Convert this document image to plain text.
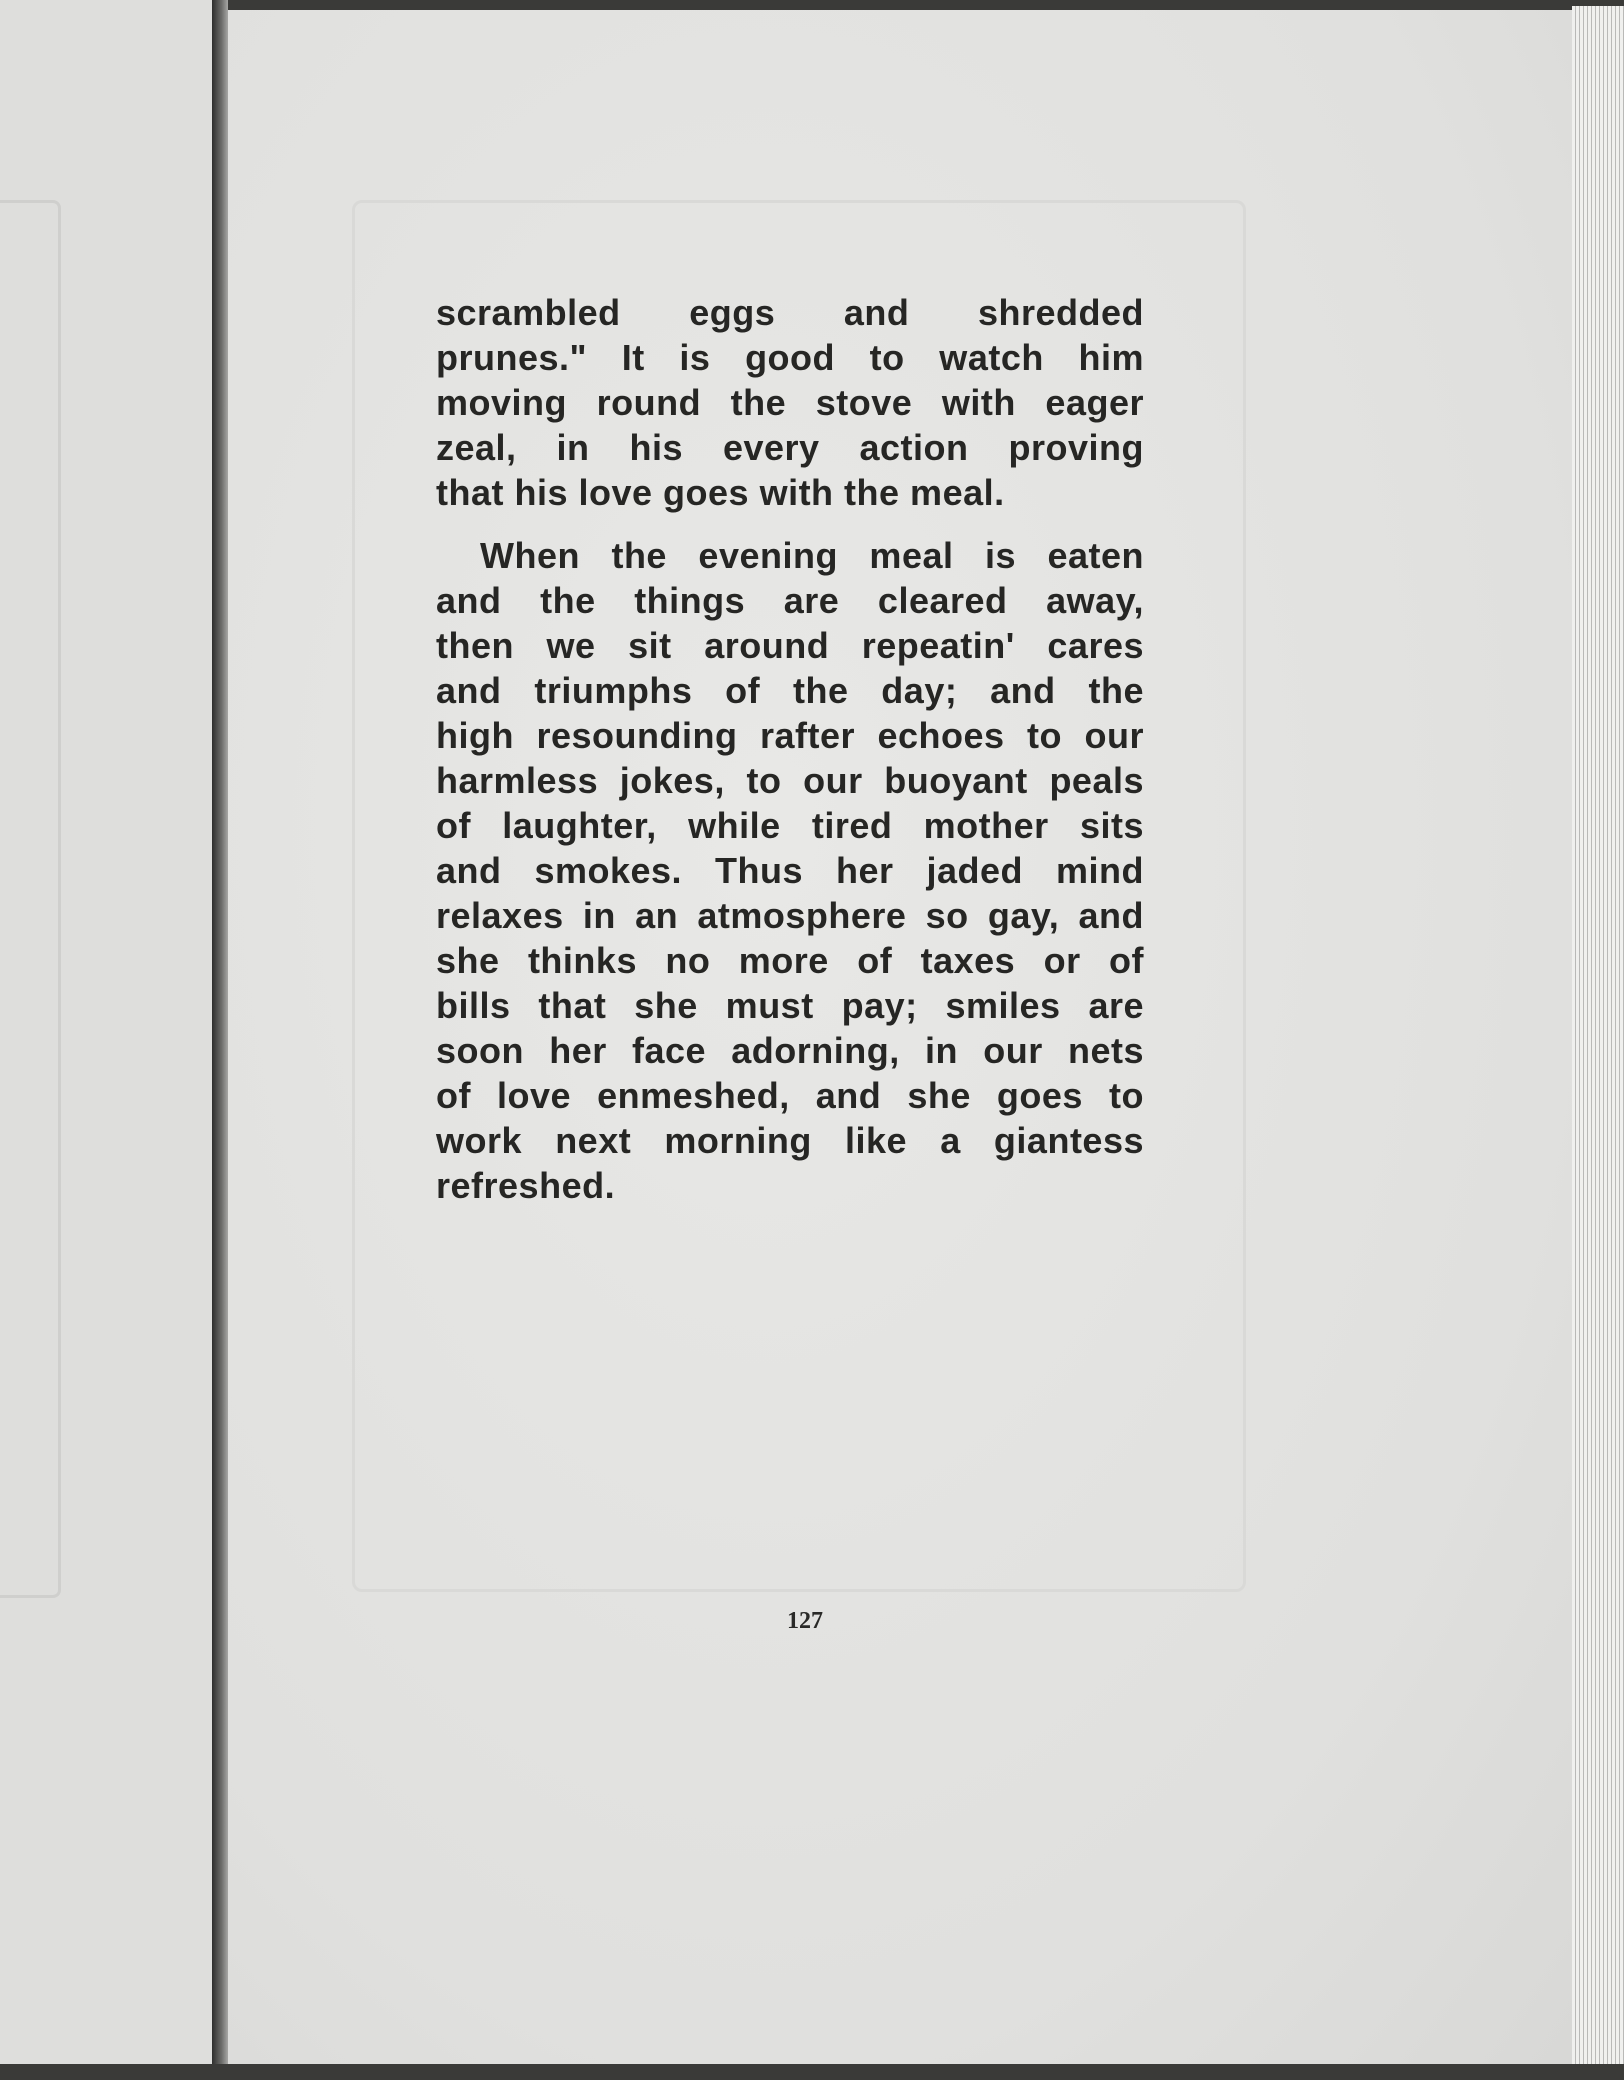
scrambled eggs and shredded
prunes." It is good to watch him
moving round the stove with eager
zeal, in his every action proving
that his love goes with the meal.
When the evening meal is eaten
and the things are cleared away,
then we sit around repeatin' cares
and triumphs of the day; and the
high resounding rafter echoes to our
harmless jokes, to our buoyant peals
of laughter, while tired mother sits
and smokes. Thus her jaded mind
relaxes in an atmosphere so gay, and
she thinks no more of taxes or of
bills that she must pay; smiles are
soon her face adorning, in our nets
of love enmeshed, and she goes to
work next morning like a giantess
refreshed.
127
